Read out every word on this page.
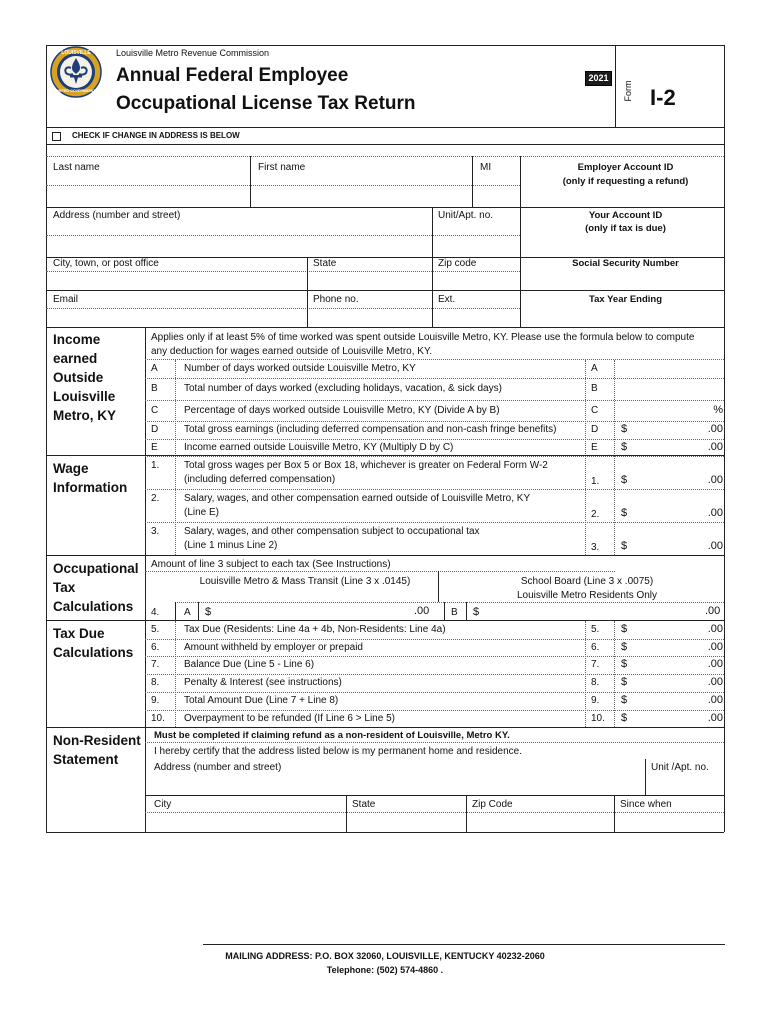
LOUISVILLE
METRO GOVERNMENT
Louisville Metro Revenue Commission
Annual Federal Employee
Occupational License Tax Return
2021
Form I-2
CHECK IF CHANGE IN ADDRESS IS BELOW
Last name	First name	MI	Employer Account ID
(only if requesting a refund)
Address (number and street)	Unit/Apt. no.	Your Account ID
(only if tax is due)
City, town, or post office	State	Zip code	Social Security Number
Email	Phone no.	Ext.	Tax Year Ending
Income
earned
Outside
Louisville
Metro, KY
Wage
Information
Occupational
Tax
Calculations
Tax Due
Calculations
Non-Resident
Statement
Applies only if at least 5% of time worked was spent outside Louisville Metro, KY. Please use the formula below to compute
any deduction for wages earned outside of Louisville Metro, KY.
A	Number of days worked outside Louisville Metro, KY	A
B	Total number of days worked (excluding holidays, vacation, & sick days)	B
C	Percentage of days worked outside Louisville Metro, KY (Divide A by B)	C	%
D	Total gross earnings (including deferred compensation and non-cash fringe benefits)	D $	.00
E	Income earned outside Louisville Metro, KY (Multiply D by C)	E $	.00
1. Total gross wages per Box 5 or Box 18, whichever is greater on Federal Form W-2
(including deferred compensation)	1. $	.00
2. Salary, wages, and other compensation earned outside of Louisville Metro, KY
(Line E)	2. $	.00
3. Salary, wages, and other compensation subject to occupational tax
(Line 1 minus Line 2)	3. $	.00
Amount of line 3 subject to each tax (See Instructions)
Louisville Metro & Mass Transit (Line 3 x .0145)	School Board (Line 3 x .0075)
Louisville Metro Residents Only
4. A $	.00 B $	.00
5. Tax Due (Residents: Line 4a + 4b, Non-Residents: Line 4a)	5. $	.00
6. Amount withheld by employer or prepaid	6. $	.00
7. Balance Due (Line 5 - Line 6)	7. $	.00
8. Penalty & Interest (see instructions)	8. $	.00
9. Total Amount Due (Line 7 + Line 8)	9. $	.00
10. Overpayment to be refunded (If Line 6 > Line 5)	10. $	.00
Must be completed if claiming refund as a non-resident of Louisville, Metro KY.
I hereby certify that the address listed below is my permanent home and residence.
Address (number and street)	Unit /Apt. no.
City	State	Zip Code	Since when
MAILING ADDRESS: P.O. BOX 32060, LOUISVILLE, KENTUCKY 40232-2060
Telephone: (502) 574-4860 .
